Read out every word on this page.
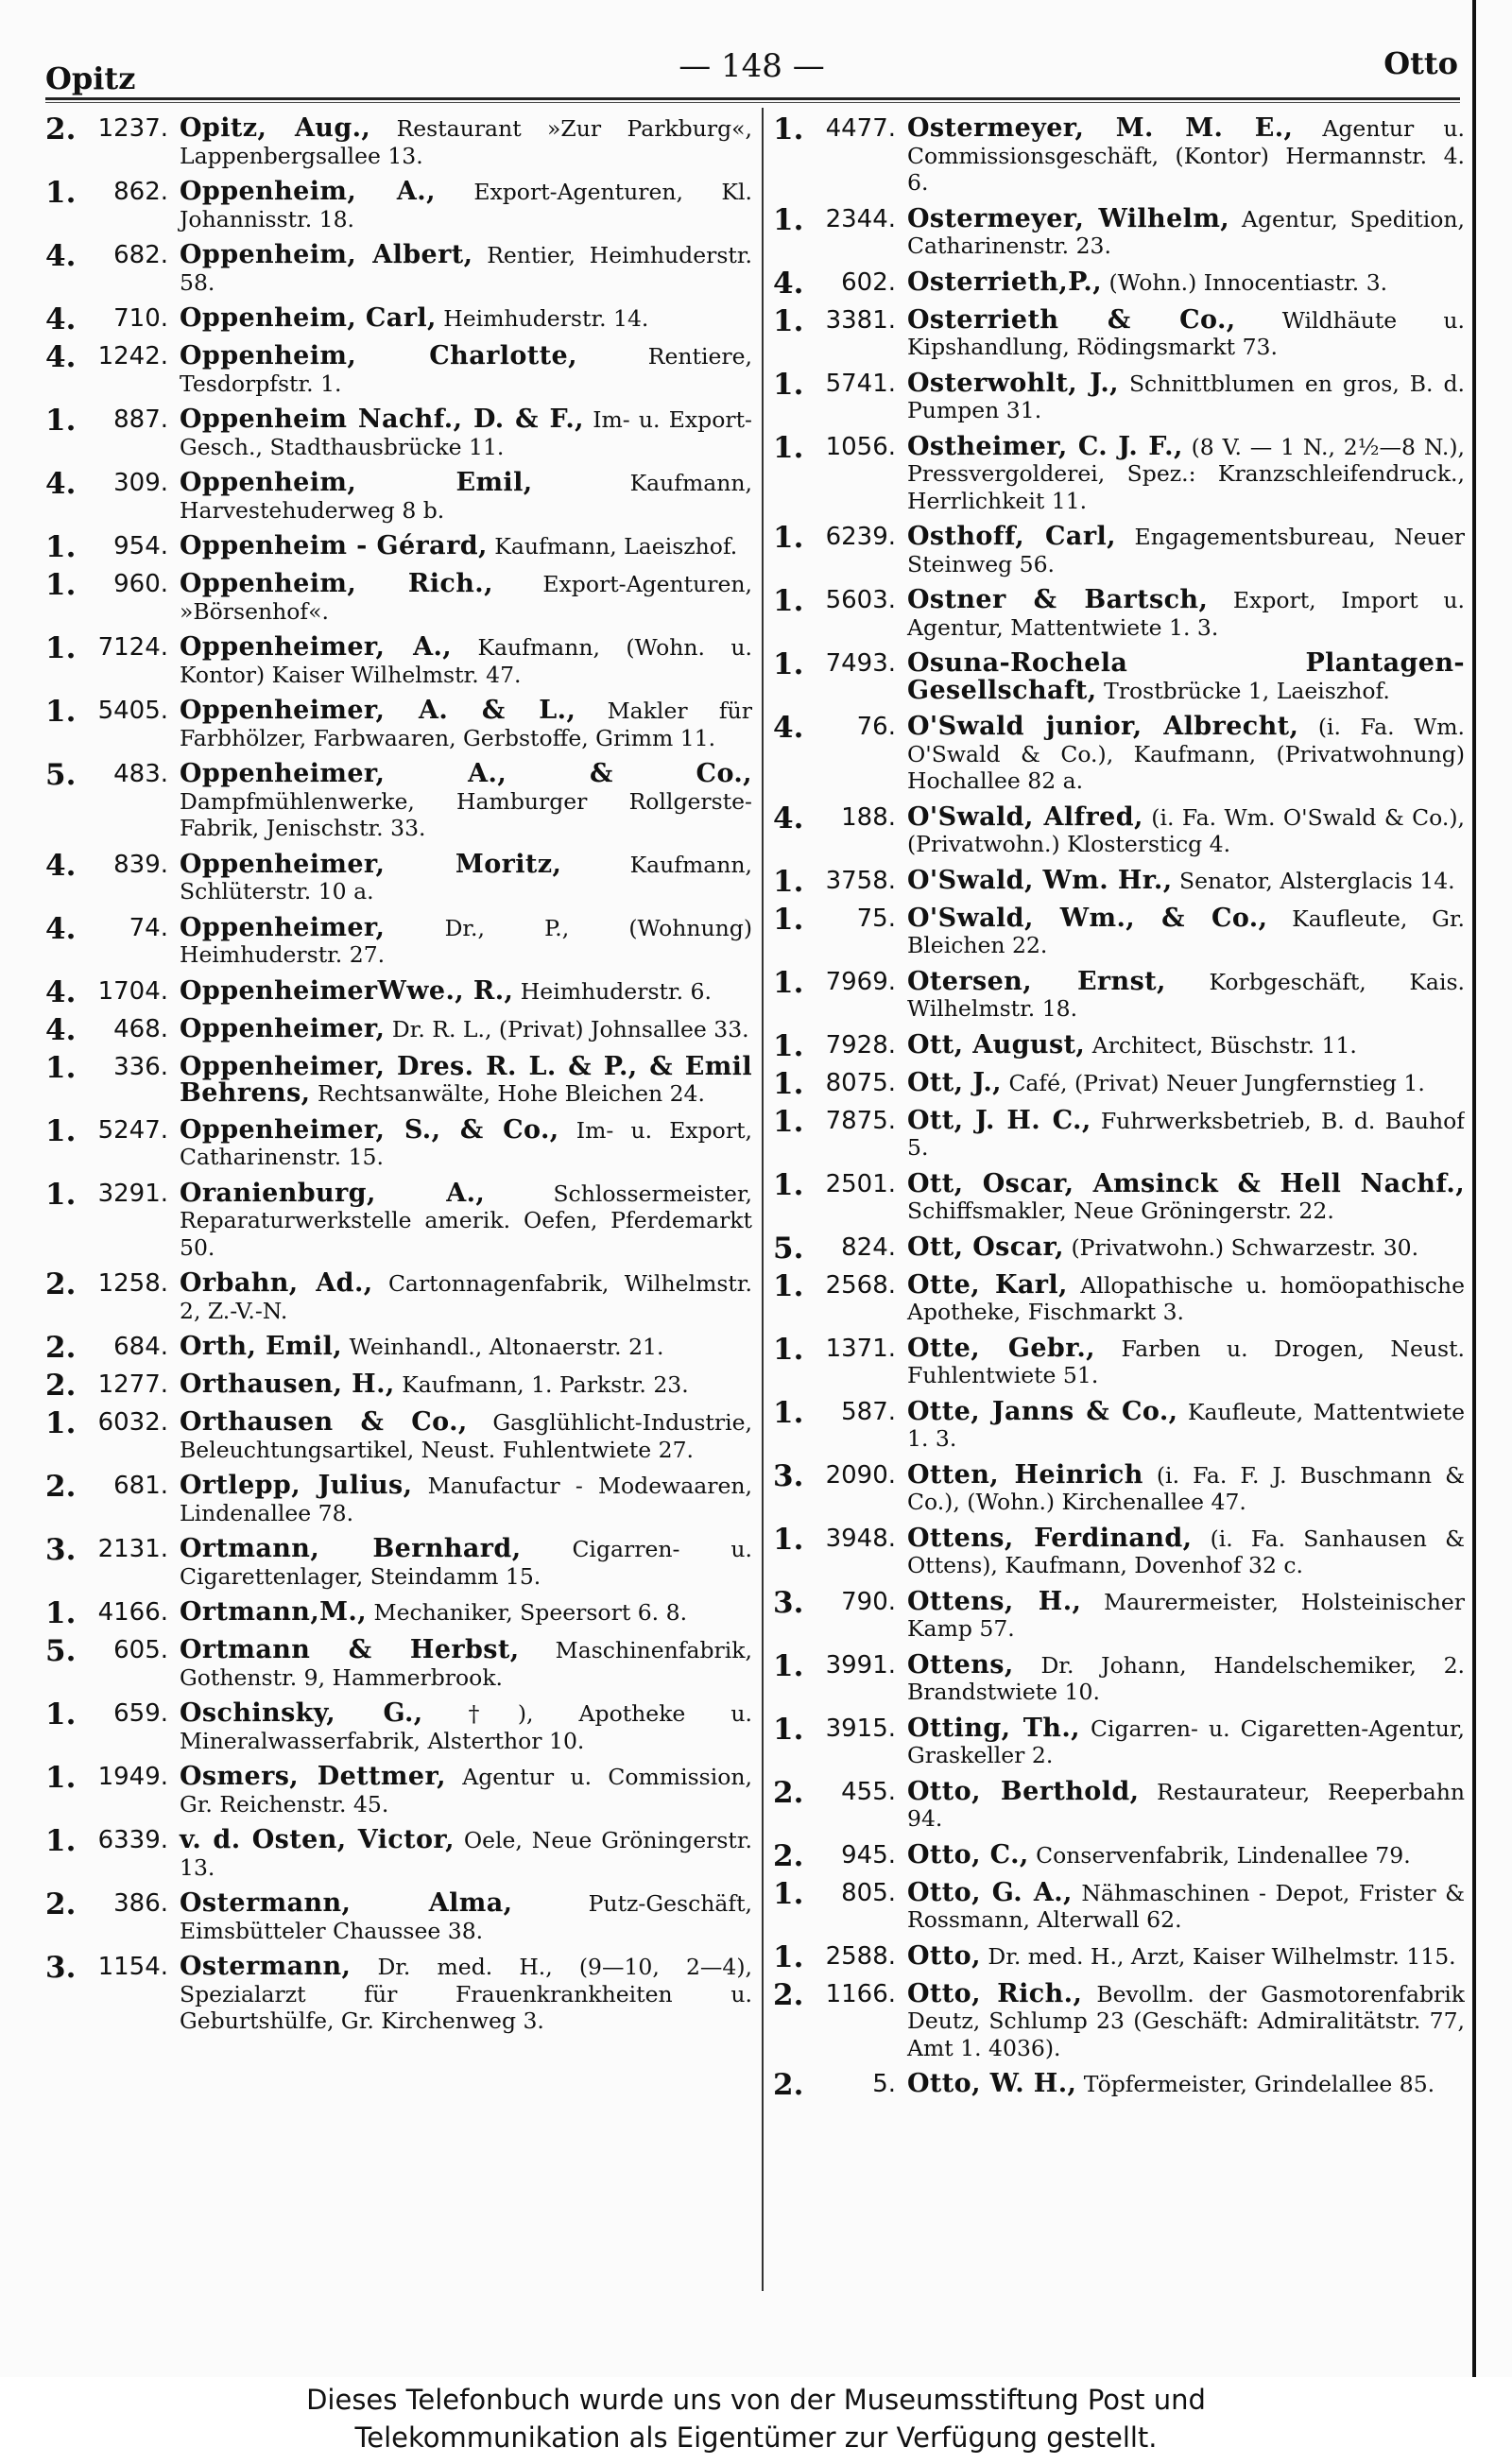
Opitz	— 148 —	Otto
2. 1237. Opitz, Aug., Restaurant »Zur Parkburg«, Lappenbergsallee 13.
1.	862. Oppenheim, A., Export-Agenturen, Kl. Johannisstr. 18.
4.	682. Oppenheim, Albert, Rentier, Heimhuderstr. 58.
4.	710. Oppenheim, Carl, Heimhuderstr. 14.
4. 1242. Oppenheim, Charlotte,	Rentiere, Tesdorpfstr. 1.
1.	887. Oppenheim Nachf., D. & F., Im- u. Export-Gesch., Stadthausbrücke 11.
4.	309. Oppenheim, Emil,	Kaufmann, Harvestehuderweg 8 b.
1.	954. Oppenheim - Gérard, Kaufmann, Laeiszhof.
1.	960. Oppenheim, Rich., Export-Agenturen, »Börsenhof«.
1. 7124. Oppenheimer, A., Kaufmann, (Wohn. u. Kontor) Kaiser Wilhelmstr. 47.
1. 5405. Oppenheimer, A. & L., Makler für Farbhölzer, Farbwaaren, Gerbstoffe, Grimm 11.
5.	483. Oppenheimer, A., & Co., Dampfmühlenwerke, Hamburger Rollgerste-Fabrik, Jenischstr. 33.
4.	839. Oppenheimer, Moritz,	Kaufmann, Schlüterstr. 10 a.
4.	74. Oppenheimer,	Dr., P., (Wohnung) Heimhuderstr. 27.
4. 1704. OppenheimerWwe., R., Heimhuderstr. 6.
4.	468. Oppenheimer, Dr. R. L., (Privat) Johnsallee 33.
1.	336. Oppenheimer, Dres. R. L. & P., & Emil Behrens, Rechtsanwälte, Hohe Bleichen 24.
1. 5247. Oppenheimer, S., & Co., Im- u. Export, Catharinenstr. 15.
1. 3291. Oranienburg, A.,	Schlossermeister, Reparaturwerkstelle amerik. Oefen, Pferdemarkt 50.
2. 1258. Orbahn, Ad., Cartonnagenfabrik, Wilhelmstr. 2, Z.-V.-N.
2.	684. Orth, Emil, Weinhandl., Altonaerstr. 21.
2. 1277. Orthausen, H., Kaufmann, 1. Parkstr. 23.
1. 6032. Orthausen & Co., Gasglühlicht-Industrie, Beleuchtungsartikel, Neust. Fuhlentwiete 27.
2.	681. Ortlepp, Julius, Manufactur - Modewaaren, Lindenallee 78.
3. 2131. Ortmann, Bernhard, Cigarren- u. Cigarettenlager, Steindamm 15.
1. 4166. Ortmann,M., Mechaniker, Speersort 6. 8.
5.	605. Ortmann & Herbst, Maschinenfabrik, Gothenstr. 9, Hammerbrook.
1.	659. Oschinsky, G., †), Apotheke u. Mineralwasserfabrik, Alsterthor 10.
1. 1949. Osmers, Dettmer, Agentur u. Commission, Gr. Reichenstr. 45.
1. 6339. v. d. Osten, Victor, Oele, Neue Gröningerstr. 13.
2.	386. Ostermann, Alma,	Putz-Geschäft, Eimsbütteler Chaussee 38.
3. 1154. Ostermann, Dr. med. H., (9—10, 2—4), Spezialarzt für Frauenkrankheiten u. Geburtshülfe, Gr. Kirchenweg 3.
1. 4477. Ostermeyer, M. M. E., Agentur u. Commissionsgeschäft, (Kontor) Hermannstr. 4. 6.
1. 2344. Ostermeyer, Wilhelm, Agentur, Spedition, Catharinenstr. 23.
4.	602. Osterrieth,P., (Wohn.) Innocentiastr. 3.
1. 3381. Osterrieth & Co., Wildhäute u. Kipshandlung, Rödingsmarkt 73.
1. 5741. Osterwohlt, J., Schnittblumen en gros, B. d. Pumpen 31.
1. 1056. Ostheimer, C. J. F., (8 V. — 1 N., 2½—8 N.), Pressvergolderei, Spez.: Kranzschleifendruck., Herrlichkeit 11.
1. 6239. Osthoff, Carl, Engagementsbureau, Neuer Steinweg 56.
1. 5603. Ostner & Bartsch, Export, Import u. Agentur, Mattentwiete 1. 3.
1. 7493. Osuna-Rochela Plantagen-Gesellschaft, Trostbrücke 1, Laeiszhof.
4.	76. O'Swald junior, Albrecht, (i. Fa. Wm. O'Swald & Co.), Kaufmann, (Privatwohnung) Hochallee 82 a.
4.	188. O'Swald, Alfred, (i. Fa. Wm. O'Swald & Co.), (Privatwohn.) Klostersticg 4.
1. 3758. O'Swald, Wm. Hr., Senator, Alsterglacis 14.
1.	75. O'Swald, Wm., & Co., Kaufleute, Gr. Bleichen 22.
1. 7969. Otersen, Ernst, Korbgeschäft, Kais. Wilhelmstr. 18.
1. 7928. Ott, August, Architect, Büschstr. 11.
1. 8075. Ott, J., Café, (Privat) Neuer Jungfernstieg 1.
1. 7875. Ott, J. H. C., Fuhrwerksbetrieb, B. d. Bauhof 5.
1. 2501. Ott, Oscar, Amsinck & Hell Nachf., Schiffsmakler, Neue Gröningerstr. 22.
5.	824. Ott, Oscar, (Privatwohn.) Schwarzestr. 30.
1. 2568. Otte, Karl, Allopathische u. homöopathische Apotheke, Fischmarkt 3.
1. 1371. Otte, Gebr., Farben u. Drogen, Neust. Fuhlentwiete 51.
1.	587. Otte, Janns & Co., Kaufleute, Mattentwiete 1. 3.
3. 2090. Otten, Heinrich (i. Fa. F. J. Buschmann & Co.), (Wohn.) Kirchenallee 47.
1. 3948. Ottens, Ferdinand, (i. Fa. Sanhausen & Ottens), Kaufmann, Dovenhof 32 c.
3.	790. Ottens, H., Maurermeister, Holsteinischer Kamp 57.
1. 3991. Ottens, Dr. Johann, Handelschemiker, 2. Brandstwiete 10.
1. 3915. Otting, Th., Cigarren- u. Cigaretten-Agentur, Graskeller 2.
2.	455. Otto, Berthold, Restaurateur, Reeperbahn 94.
2.	945. Otto, C., Conservenfabrik, Lindenallee 79.
1.	805. Otto, G. A., Nähmaschinen - Depot, Frister & Rossmann, Alterwall 62.
1. 2588. Otto, Dr. med. H., Arzt, Kaiser Wilhelmstr. 115.
2. 1166. Otto, Rich., Bevollm. der Gasmotorenfabrik Deutz, Schlump 23 (Geschäft: Admiralitätstr. 77, Amt 1. 4036).
2.	5. Otto, W. H., Töpfermeister, Grindelallee 85.
Dieses Telefonbuch wurde uns von der Museumsstiftung Post und
Telekommunikation als Eigentümer zur Verfügung gestellt.
